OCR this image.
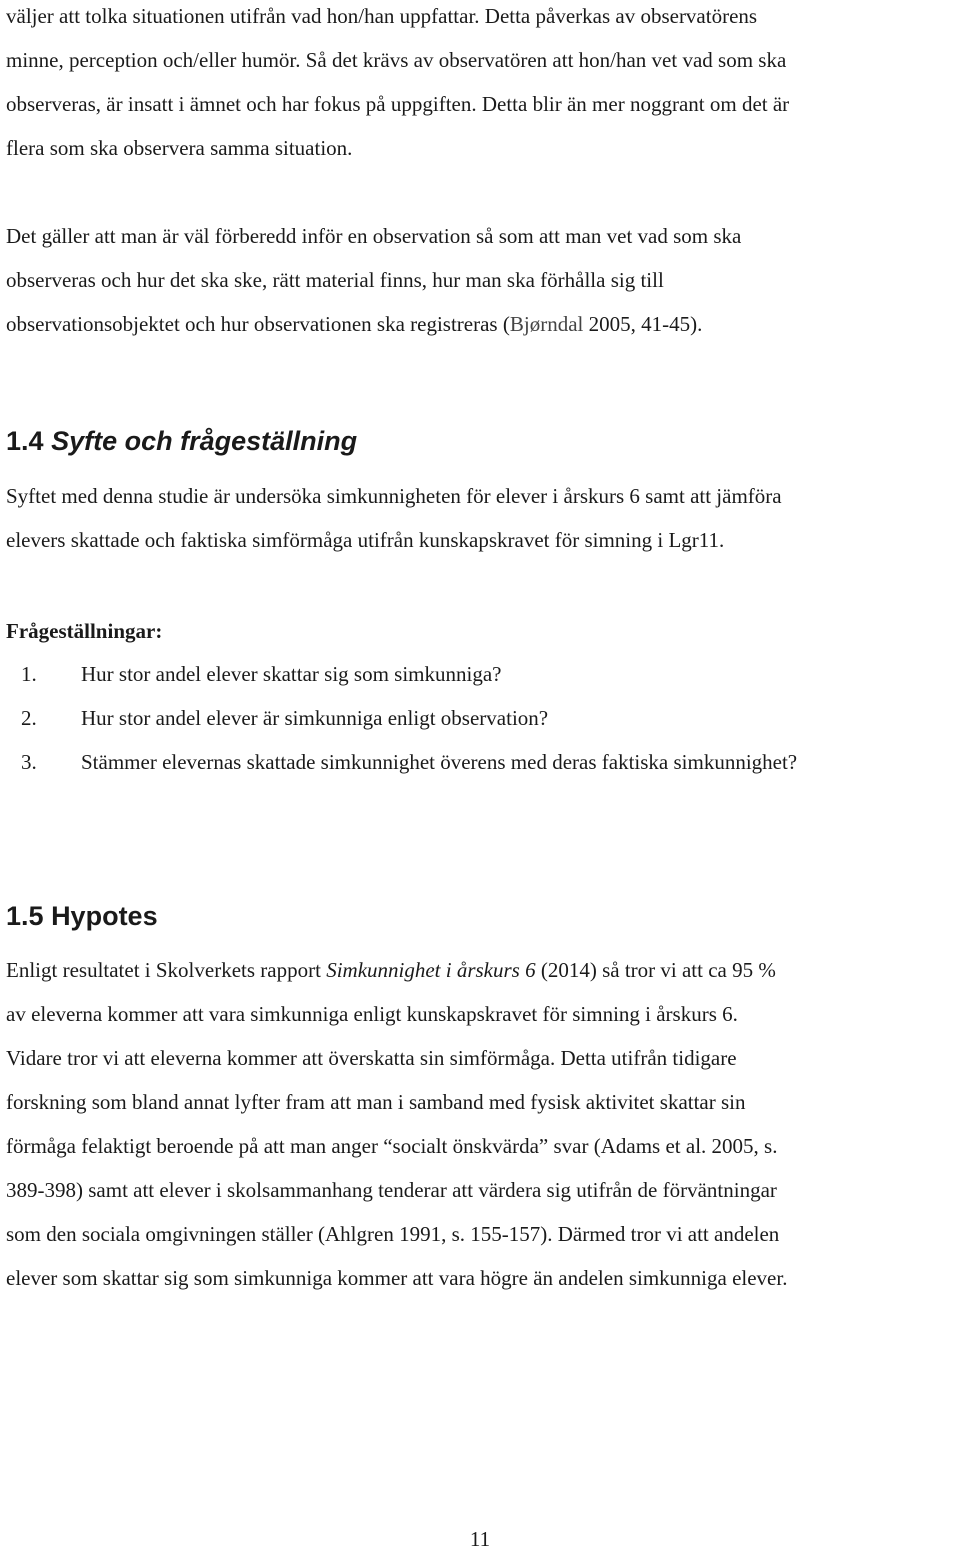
väljer att tolka situationen utifrån vad hon/han uppfattar. Detta påverkas av observatörens
minne, perception och/eller humör. Så det krävs av observatören att hon/han vet vad som ska
observeras, är insatt i ämnet och har fokus på uppgiften. Detta blir än mer noggrant om det är
flera som ska observera samma situation.

Det gäller att man är väl förberedd inför en observation så som att man vet vad som ska
observeras och hur det ska ske, rätt material finns, hur man ska förhålla sig till
observationsobjektet och hur observationen ska registreras (Bjørndal 2005, 41-45).

1.4 Syfte och frågeställning

Syftet med denna studie är undersöka simkunnigheten för elever i årskurs 6 samt att jämföra
elevers skattade och faktiska simförmåga utifrån kunskapskravet för simning i Lgr11.

Frågeställningar:
1. Hur stor andel elever skattar sig som simkunniga?
2. Hur stor andel elever är simkunniga enligt observation?
3. Stämmer elevernas skattade simkunnighet överens med deras faktiska simkunnighet?
1.5 Hypotes

Enligt resultatet i Skolverkets rapport Simkunnighet i årskurs 6 (2014) så tror vi att ca 95 %
av eleverna kommer att vara simkunniga enligt kunskapskravet för simning i årskurs 6.
Vidare tror vi att eleverna kommer att överskatta sin simförmåga. Detta utifrån tidigare
forskning som bland annat lyfter fram att man i samband med fysisk aktivitet skattar sin
förmåga felaktigt beroende på att man anger “socialt önskvärda” svar (Adams et al. 2005, s.
389-398) samt att elever i skolsammanhang tenderar att värdera sig utifrån de förväntningar
som den sociala omgivningen ställer (Ahlgren 1991, s. 155-157). Därmed tror vi att andelen
elever som skattar sig som simkunniga kommer att vara högre än andelen simkunniga elever.

11
